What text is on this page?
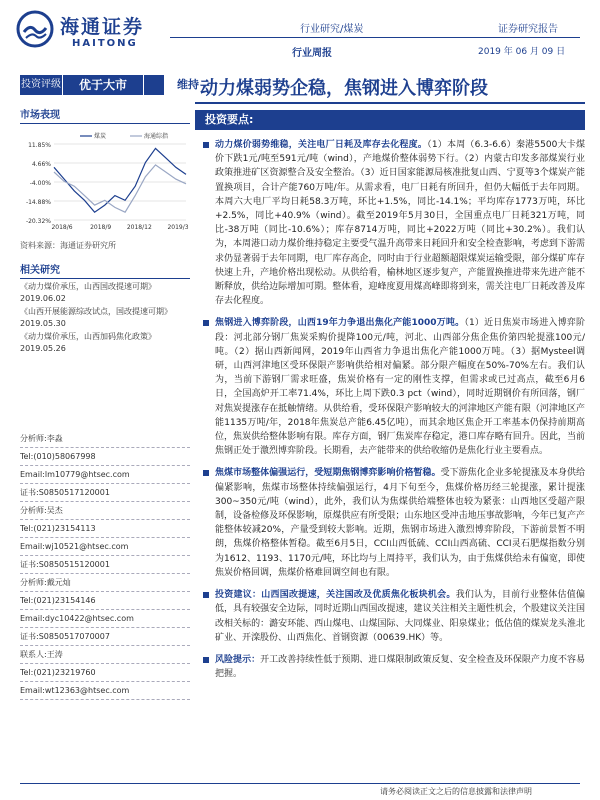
海通证券
HAITONG
行业研究/煤炭	证券研究报告
行业周报	2019 年 06 月 09 日
投资评级	优于大市	维持 动力煤弱势企稳，焦钢进入博弈阶段
市场表现
11.85%
4.66%
-4.00%
-14.88%
-20.32%
2018/6	2018/9	2018/12	2019/3
煤炭	海通综指
资料来源：海通证券研究所
相关研究
《动力煤价承压，山西国改提速可期》
2019.06.02
《山西开展能源综改试点，国改提速可期》
2019.05.30
《动力煤价承压，山西加码焦化政策》
2019.05.26
分析师:李淼
Tel:(010)58067998
Email:lm10779@htsec.com
证书:S0850517120001
分析师:吴杰
Tel:(021)23154113
Email:wj10521@htsec.com
证书:S0850515120001
分析师:戴元灿
Tel:(021)23154146
Email:dyc10422@htsec.com
证书:S0850517070007
联系人:王涛
Tel:(021)23219760
Email:wt12363@htsec.com
投资要点:
动力煤价弱势维稳，关注电厂日耗及库存去化程度。（1）本周（6.3-6.6）秦港5500大卡煤价下跌1元/吨至591元/吨（wind），产地煤价整体弱势下行。（2）内蒙古印发多部煤炭行业政策推进矿区资源整合及安全整治。（3）近日国家能源局核准批复山西、宁夏等3个煤炭产能置换项目，合计产能760万吨/年。从需求看，电厂日耗有所回升，但仍大幅低于去年同期。本周六大电厂平均日耗58.3万吨，环比+1.5%，同比-14.1%；平均库存1773万吨，环比+2.5%，同比+40.9%（wind）。截至2019年5月30日，全国重点电厂日耗321万吨，同比-38万吨（同比-10.6%）；库存8714万吨，同比+2022万吨（同比+30.2%）。我们认为，本周港口动力煤价维持稳定主要受气温升高带来日耗回升和安全检查影响，考虑到下游需求仍显著弱于去年同期，电厂库存高企，同时由于行业超额超限煤炭运输受限，部分煤矿库存快速上升，产地价格出现松动。从供给看，榆林地区逐步复产，产能置换推进带来先进产能不断释放，供给边际增加可期。整体看，迎峰度夏用煤高峰即将到来，需关注电厂日耗改善及库存去化程度。
焦钢进入博弈阶段，山西19年力争退出焦化产能1000万吨。（1）近日焦炭市场进入博弈阶段：河北部分钢厂焦炭采购价提降100元/吨，河北、山西部分焦企焦价第四轮提涨100元/吨。（2）据山西新闻网，2019年山西省力争退出焦化产能1000万吨。（3）据Mysteel调研，山西河津地区受环保限产影响供给相对偏紧。部分限产幅度在50%-70%左右。我们认为，当前下游钢厂需求旺盛，焦炭价格有一定的刚性支撑，但需求或已过高点，截至6月6日，全国高炉开工率71.4%，环比上周下跌0.3 pct（wind），同时近期钢价有所回落，钢厂对焦炭提涨存在抵触情绪。从供给看，受环保限产影响较大的河津地区产能有限（河津地区产能1135万吨/年，2018年焦炭总产能6.45亿吨），而其余地区焦企开工率基本仍保持前期高位，焦炭供给整体影响有限。库存方面，钢厂焦炭库存稳定，港口库存略有回升。因此，当前焦钢正处于激烈博弈阶段。长期看，去产能带来的供给收缩仍是焦化行业主要看点。
焦煤市场整体偏强运行，受短期焦钢博弈影响价格暂稳。受下游焦化企业多轮提涨及本身供给偏紧影响，焦煤市场整体持续偏强运行，4月下旬至今，焦煤价格历经三轮提涨，累计提涨300~350元/吨（wind），此外，我们认为焦煤供给端整体也较为紧张：山西地区受超产限制，设备检修及环保影响，原煤供应有所受限；山东地区受冲击地压事故影响，今年已复产产能整体较减20%，产量受到较大影响。近期，焦钢市场进入激烈博弈阶段，下游前景暂不明朗，焦煤价格整体暂稳。截至6月5日，CCI山西低硫、CCI山西高硫、CCI灵石肥煤指数分别为1612、1193、1170元/吨，环比均与上周持平，我们认为，由于焦煤供给未有偏宽，即使焦炭价格回调，焦煤价格难回调空间也有限。
投资建议：山西国改提速，关注国改及优质焦化板块机会。我们认为，目前行业整体估值偏低，具有较强安全边际，同时近期山西国改提速，建议关注相关主题性机会，个股建议关注国改相关标的：潞安环能、西山煤电、山煤国际、大同煤业、阳泉煤业；低估值的煤炭龙头淮北矿业、开滦股份、山西焦化、首钢资源（00639.HK）等。
风险提示：开工改善持续性低于预期、进口煤限制政策反复、安全检查及环保限产力度不容易把握。
请务必阅读正文之后的信息披露和法律声明
